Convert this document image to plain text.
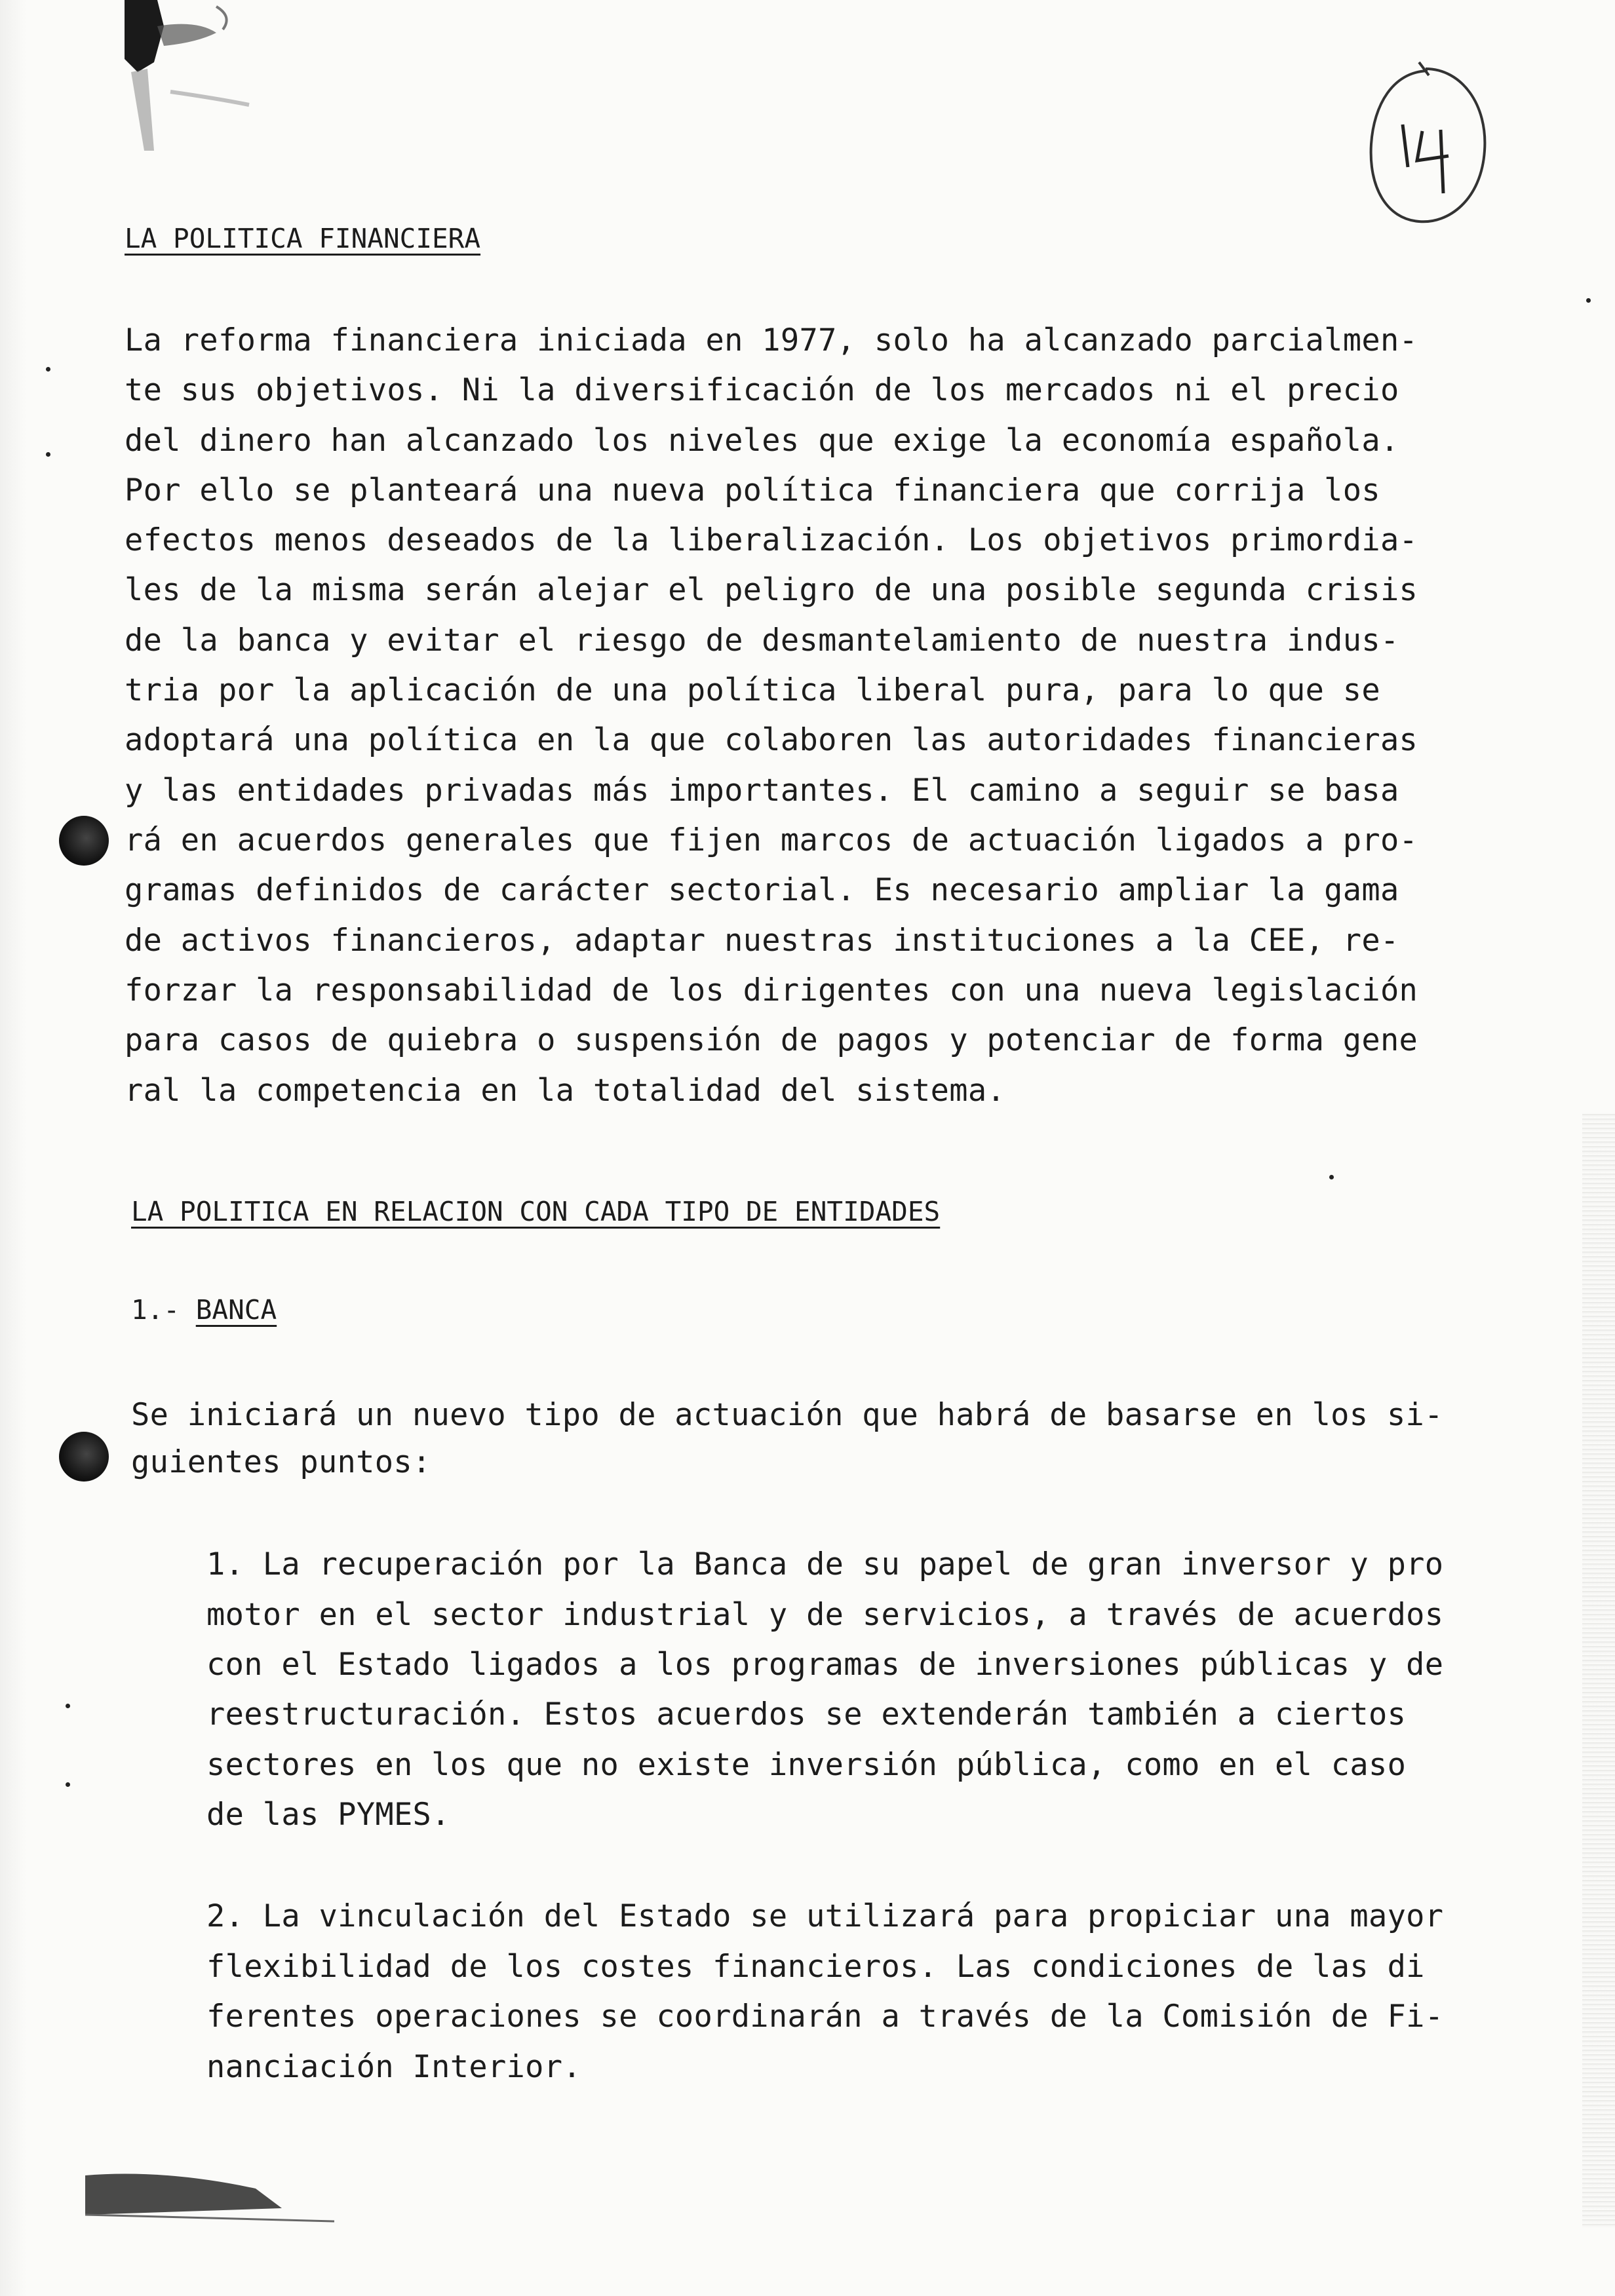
LA POLITICA FINANCIERA

La reforma financiera iniciada en 1977, solo ha alcanzado parcialmen-

te sus objetivos. Ni la diversificación de los mercados ni el precio

del dinero han alcanzado los niveles que exige la economía española.

Por ello se planteará una nueva política financiera que corrija los

efectos menos deseados de la liberalización. Los objetivos primordia-

les de la misma serán alejar el peligro de una posible segunda crisis

de la banca y evitar el riesgo de desmantelamiento de nuestra indus-

tria por la aplicación de una política liberal pura, para lo que se

adoptará una política en la que colaboren las autoridades financieras

y las entidades privadas más importantes. El camino a seguir se basa

rá en acuerdos generales que fijen marcos de actuación ligados a pro-

gramas definidos de carácter sectorial. Es necesario ampliar la gama

de activos financieros, adaptar nuestras instituciones a la CEE, re-

forzar la responsabilidad de los dirigentes con una nueva legislación

para casos de quiebra o suspensión de pagos y potenciar de forma gene

ral la competencia en la totalidad del sistema.

LA POLITICA EN RELACION CON CADA TIPO DE ENTIDADES

1.- BANCA

Se iniciará un nuevo tipo de actuación que habrá de basarse en los si-

guientes puntos:

1. La recuperación por la Banca de su papel de gran inversor y pro

motor en el sector industrial y de servicios, a través de acuerdos

con el Estado ligados a los programas de inversiones públicas y de

reestructuración. Estos acuerdos se extenderán también a ciertos

sectores en los que no existe inversión pública, como en el caso

de las PYMES.

2. La vinculación del Estado se utilizará para propiciar una mayor

flexibilidad de los costes financieros. Las condiciones de las di

ferentes operaciones se coordinarán a través de la Comisión de Fi-

nanciación Interior.
